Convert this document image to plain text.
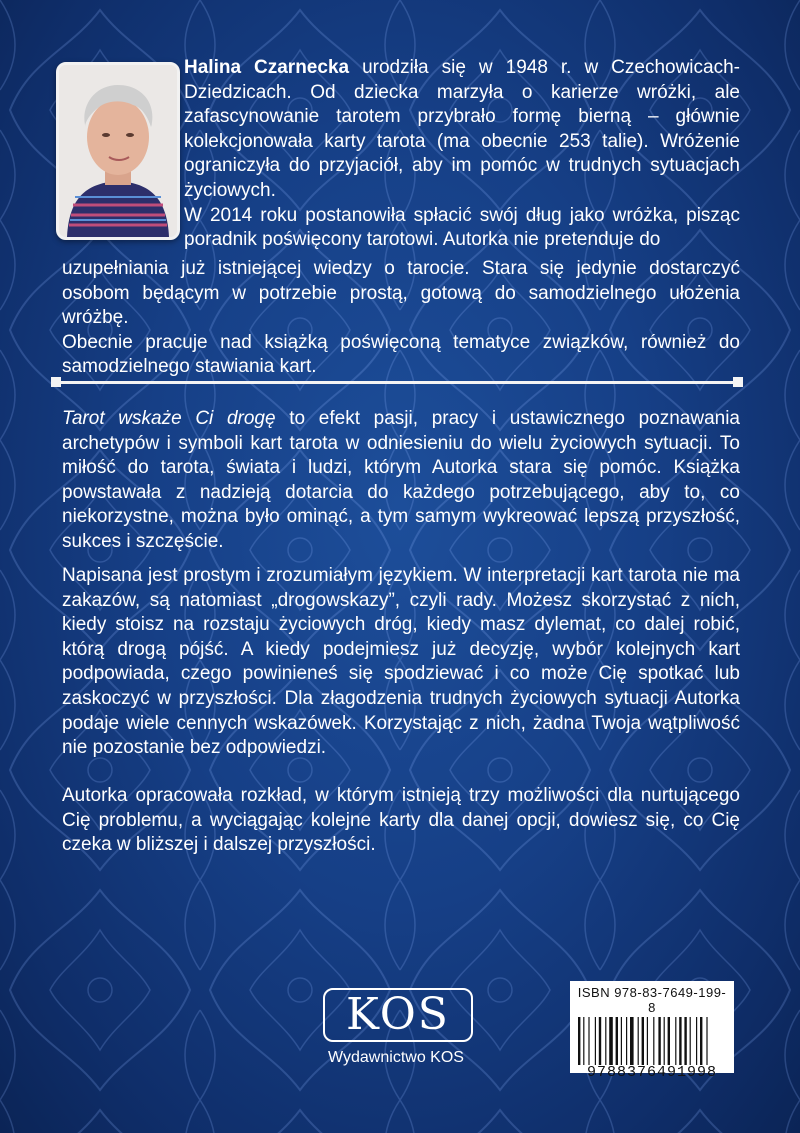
Halina Czarnecka urodziła się w 1948 r. w Czechowicach-Dziedzicach. Od dziecka marzyła o karierze wróżki, ale zafascynowanie tarotem przybrało formę bierną – głównie kolekcjonowała karty tarota (ma obecnie 253 talie). Wróżenie ograniczyła do przyjaciół, aby im pomóc w trudnych sytuacjach życiowych.

W 2014 roku postanowiła spłacić swój dług jako wróżka, pisząc poradnik poświęcony tarotowi. Autorka nie pretenduje do

uzupełniania już istniejącej wiedzy o tarocie. Stara się jedynie dostarczyć osobom będącym w potrzebie prostą, gotową do samodzielnego ułożenia wróżbę.

Obecnie pracuje nad książką poświęconą tematyce związków, również do samodzielnego stawiania kart.

Tarot wskaże Ci drogę to efekt pasji, pracy i ustawicznego poznawania archetypów i symboli kart tarota w odniesieniu do wielu życiowych sytuacji. To miłość do tarota, świata i ludzi, którym Autorka stara się pomóc. Książka powstawała z nadzieją dotarcia do każdego potrzebującego, aby to, co niekorzystne, można było ominąć, a tym samym wykreować lepszą przyszłość, sukces i szczęście.

Napisana jest prostym i zrozumiałym językiem. W interpretacji kart tarota nie ma zakazów, są natomiast „drogowskazy”, czyli rady. Możesz skorzystać z nich, kiedy stoisz na rozstaju życiowych dróg, kiedy masz dylemat, co dalej robić, którą drogą pójść. A kiedy podejmiesz już decyzję, wybór kolejnych kart podpowiada, czego powinieneś się spodziewać i co może Cię spotkać lub zaskoczyć w przyszłości. Dla złagodzenia trudnych życiowych sytuacji Autorka podaje wiele cennych wskazówek. Korzystając z nich, żadna Twoja wątpliwość nie pozostanie bez odpowiedzi.

Autorka opracowała rozkład, w którym istnieją trzy możliwości dla nurtującego Cię problemu, a wyciągając kolejne karty dla danej opcji, dowiesz się, co Cię czeka w bliższej i dalszej przyszłości.

KOS
Wydawnictwo KOS
ISBN 978-83-7649-199-8
9788376491998
